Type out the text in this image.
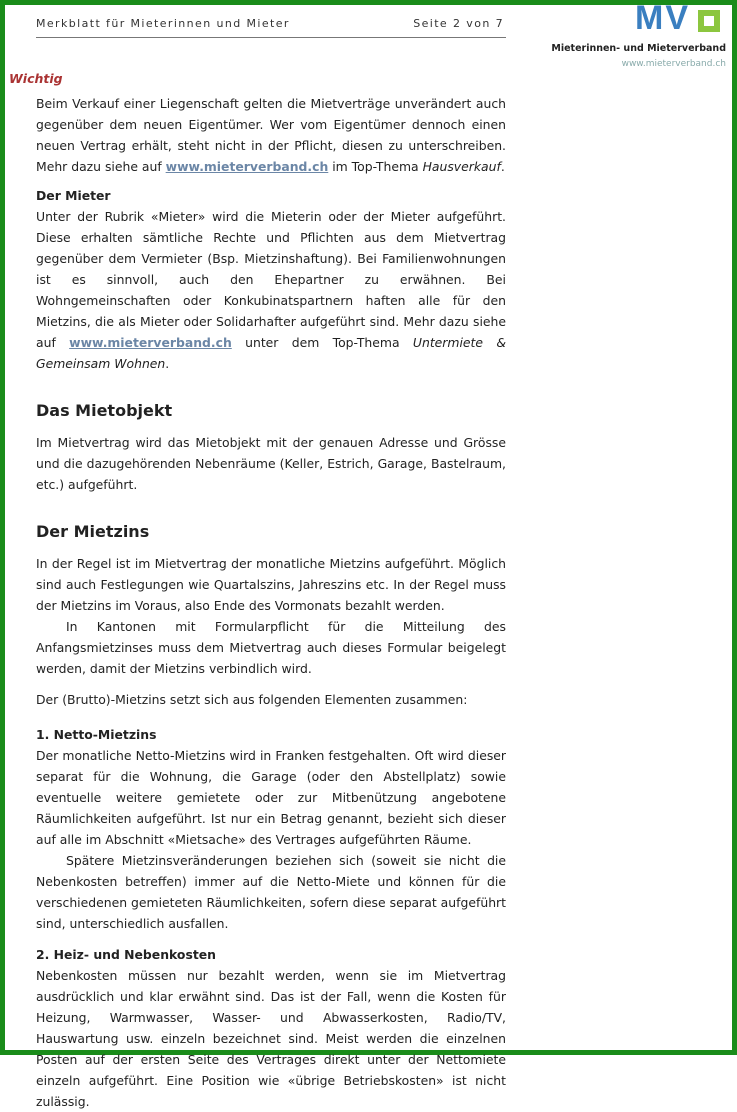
Merkblatt für Mieterinnen und Mieter	Seite 2 von 7	MV
Mieterinnen- und Mieterverband
www.mieterverband.ch
Wichtig

Beim Verkauf einer Liegenschaft gelten die Mietverträge unverändert auch gegenüber dem neuen Eigentümer. Wer vom Eigentümer dennoch einen neuen Vertrag erhält, steht nicht in der Pflicht, diesen zu unterschreiben. Mehr dazu siehe auf www.mieterverband.ch im Top-Thema Hausverkauf.

Der Mieter

Unter der Rubrik «Mieter» wird die Mieterin oder der Mieter aufgeführt. Diese erhalten sämtliche Rechte und Pflichten aus dem Mietvertrag gegenüber dem Vermieter (Bsp. Mietzinshaftung). Bei Familienwohnungen ist es sinnvoll, auch den Ehepartner zu erwähnen. Bei Wohngemeinschaften oder Konkubinatspartnern haften alle für den Mietzins, die als Mieter oder Solidarhafter aufgeführt sind. Mehr dazu siehe auf www.mieterverband.ch unter dem Top-Thema Untermiete & Gemeinsam Wohnen.

Das Mietobjekt

Im Mietvertrag wird das Mietobjekt mit der genauen Adresse und Grösse und die dazugehörenden Nebenräume (Keller, Estrich, Garage, Bastelraum, etc.) aufgeführt.

Der Mietzins

In der Regel ist im Mietvertrag der monatliche Mietzins aufgeführt. Möglich sind auch Festlegungen wie Quartalszins, Jahreszins etc. In der Regel muss der Mietzins im Voraus, also Ende des Vormonats bezahlt werden.

In Kantonen mit Formularpflicht für die Mitteilung des Anfangsmietzinses muss dem Mietvertrag auch dieses Formular beigelegt werden, damit der Mietzins verbindlich wird.

Der (Brutto)-Mietzins setzt sich aus folgenden Elementen zusammen:

1. Netto-Mietzins

Der monatliche Netto-Mietzins wird in Franken festgehalten. Oft wird dieser separat für die Wohnung, die Garage (oder den Abstellplatz) sowie eventuelle weitere gemietete oder zur Mitbenützung angebotene Räumlichkeiten aufgeführt. Ist nur ein Betrag genannt, bezieht sich dieser auf alle im Abschnitt «Mietsache» des Vertrages aufgeführten Räume.

Spätere Mietzinsveränderungen beziehen sich (soweit sie nicht die Nebenkosten betreffen) immer auf die Netto-Miete und können für die verschiedenen gemieteten Räumlichkeiten, sofern diese separat aufgeführt sind, unterschiedlich ausfallen.

2. Heiz- und Nebenkosten

Nebenkosten müssen nur bezahlt werden, wenn sie im Mietvertrag ausdrücklich und klar erwähnt sind. Das ist der Fall, wenn die Kosten für Heizung, Warmwasser, Wasser- und Abwasserkosten, Radio/TV, Hauswartung usw. einzeln bezeichnet sind. Meist werden die einzelnen Posten auf der ersten Seite des Vertrages direkt unter der Nettomiete einzeln aufgeführt. Eine Position wie «übrige Betriebskosten» ist nicht zulässig.
